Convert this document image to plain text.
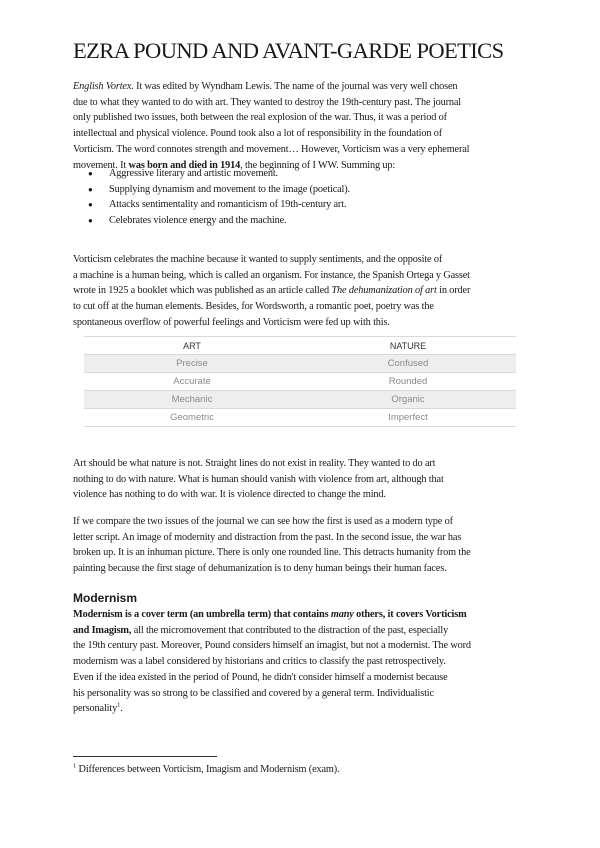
EZRA POUND AND AVANT-GARDE POETICS

English Vortex. It was edited by Wyndham Lewis. The name of the journal was very well chosen
due to what they wanted to do with art. They wanted to destroy the 19th-century past. The journal
only published two issues, both between the real explosion of the war. Thus, it was a period of
intellectual and physical violence. Pound took also a lot of responsibility in the foundation of
Vorticism. The word connotes strength and movement… However, Vorticism was a very ephemeral
movement. It was born and died in 1914, the beginning of I WW. Summing up:

● Aggressive literary and artistic movement.
● Supplying dynamism and movement to the image (poetical).
● Attacks sentimentality and romanticism of 19th-century art.
● Celebrates violence energy and the machine.

Vorticism celebrates the machine because it wanted to supply sentiments, and the opposite of
a machine is a human being, which is called an organism. For instance, the Spanish Ortega y Gasset
wrote in 1925 a booklet which was published as an article called The dehumanization of art in order
to cut off at the human elements. Besides, for Wordsworth, a romantic poet, poetry was the
spontaneous overflow of powerful feelings and Vorticism were fed up with this.

ART	NATURE
Precise	Confused
Accurate	Rounded
Mechanic	Organic
Geometric	Imperfect

Art should be what nature is not. Straight lines do not exist in reality. They wanted to do art
nothing to do with nature. What is human should vanish with violence from art, although that
violence has nothing to do with war. It is violence directed to change the mind.

If we compare the two issues of the journal we can see how the first is used as a modern type of
letter script. An image of modernity and distraction from the past. In the second issue, the war has
broken up. It is an inhuman picture. There is only one rounded line. This detracts humanity from the
painting because the first stage of dehumanization is to deny human beings their human faces.

Modernism

Modernism is a cover term (an umbrella term) that contains many others, it covers Vorticism
and Imagism, all the micromovement that contributed to the distraction of the past, especially
the 19th century past. Moreover, Pound considers himself an imagist, but not a modernist. The word
modernism was a label considered by historians and critics to classify the past retrospectively.
Even if the idea existed in the period of Pound, he didn't consider himself a modernist because
his personality was so strong to be classified and covered by a general term. Individualistic
personality$^1$.

$^1$ Differences between Vorticism, Imagism and Modernism (exam).
